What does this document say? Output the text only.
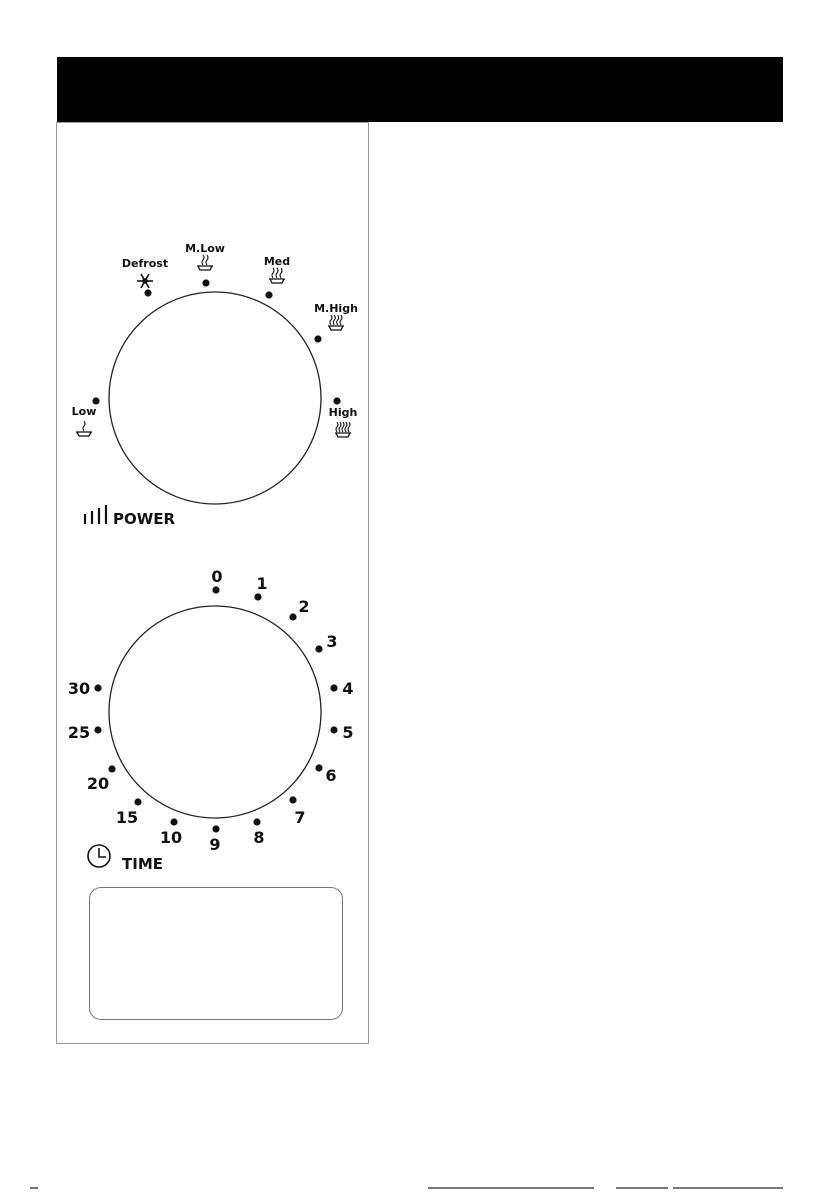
Low
Defrost
M.Low
Med
M.High
High
POWER
0 1
2
3
4
5
6
7
8
9
10
15
20
25
30
TIME
